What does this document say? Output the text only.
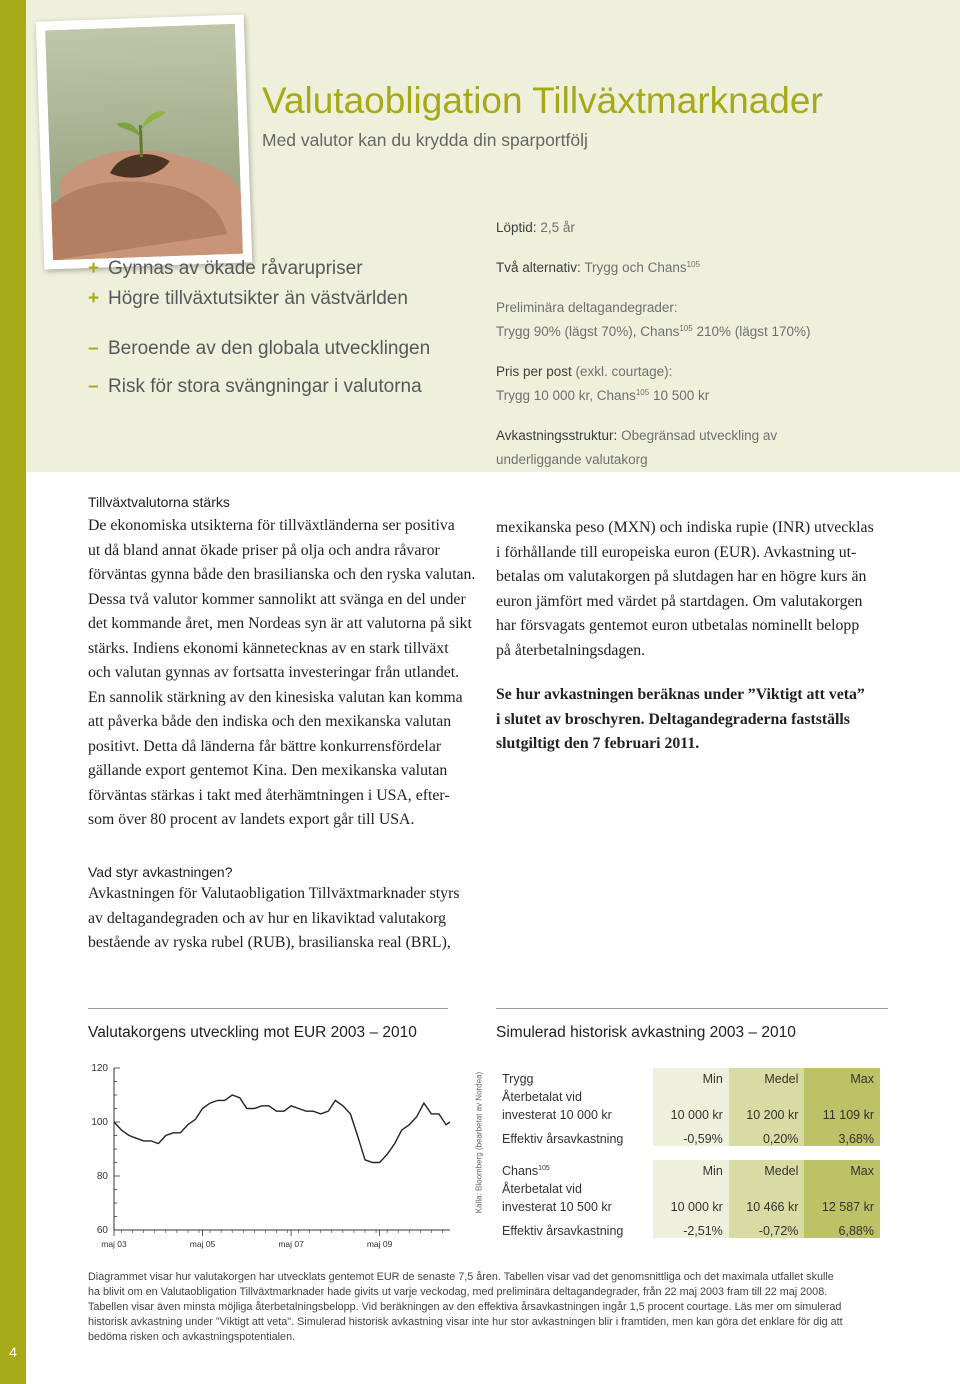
4
Valutaobligation Tillväxtmarknader
Med valutor kan du krydda din sparportfölj

+ Gynnas av ökade råvarupriser

+ Högre tillväxtutsikter än västvärlden

– Beroende av den globala utvecklingen

– Risk för stora svängningar i valutorna

Löptid: 2,5 år

Två alternativ: Trygg och Chans$^{105}$

Preliminära deltagandegrader:
Trygg 90% (lägst 70%), Chans$^{105}$ 210% (lägst 170%)

Pris per post (exkl. courtage):
Trygg 10 000 kr, Chans$^{105}$ 10 500 kr

Avkastningsstruktur: Obegränsad utveckling av
underliggande valutakorg

Tillväxtvalutorna stärks

De ekonomiska utsikterna för tillväxtländerna ser positiva

ut då bland annat ökade priser på olja och andra råvaror

förväntas gynna både den brasilianska och den ryska valutan.

Dessa två valutor kommer sannolikt att svänga en del under

det kommande året, men Nordeas syn är att valutorna på sikt

stärks. Indiens ekonomi kännetecknas av en stark tillväxt

och valutan gynnas av fortsatta investeringar från utlandet.

En sannolik stärkning av den kinesiska valutan kan komma

att påverka både den indiska och den mexikanska valutan

positivt. Detta då länderna får bättre konkurrensfördelar

gällande export gentemot Kina. Den mexikanska valutan

förväntas stärkas i takt med återhämtningen i USA, efter-

som över 80 procent av landets export går till USA.

mexikanska peso (MXN) och indiska rupie (INR) utvecklas

i förhållande till europeiska euron (EUR). Avkastning ut-

betalas om valutakorgen på slutdagen har en högre kurs än

euron jämfört med värdet på startdagen. Om valutakorgen

har försvagats gentemot euron utbetalas nominellt belopp

på återbetalningsdagen.

Se hur avkastningen beräknas under ”Viktigt att veta”

i slutet av broschyren. Deltagandegraderna fastställs

slutgiltigt den 7 februari 2011.

Vad styr avkastningen?

Avkastningen för Valutaobligation Tillväxtmarknader styrs

av deltagandegraden och av hur en likaviktad valutakorg

bestående av ryska rubel (RUB), brasilianska real (BRL),

Valutakorgens utveckling mot EUR 2003 – 2010	Simulerad historisk avkastning 2003 – 2010

60
80
100
120
maj 03	maj 05	maj 07	maj 09
Källa: Bloomberg (bearbetat av Nordea) Trygg	Min	Medel	Max
Återbetalat vid			
investerat 10 000 kr	10 000 kr	10 200 kr	11 109 kr
Effektiv årsavkastning	-0,59%	0,20%	3,68%

Chans$^{105}$	Min	Medel	Max
Återbetalat vid			
investerat 10 500 kr	10 000 kr	10 466 kr	12 587 kr
Effektiv årsavkastning	-2,51%	-0,72%	6,88%
Diagrammet visar hur valutakorgen har utvecklats gentemot EUR de senaste 7,5 åren. Tabellen visar vad det genomsnittliga och det maximala utfallet skulle
ha blivit om en Valutaobligation Tillväxtmarknader hade givits ut varje veckodag, med preliminära deltagandegrader, från 22 maj 2003 fram till 22 maj 2008.
Tabellen visar även minsta möjliga återbetalningsbelopp. Vid beräkningen av den effektiva årsavkastningen ingår 1,5 procent courtage. Läs mer om simulerad
historisk avkastning under "Viktigt att veta". Simulerad historisk avkastning visar inte hur stor avkastningen blir i framtiden, men kan göra det enklare för dig att
bedöma risken och avkastningspotentialen.
